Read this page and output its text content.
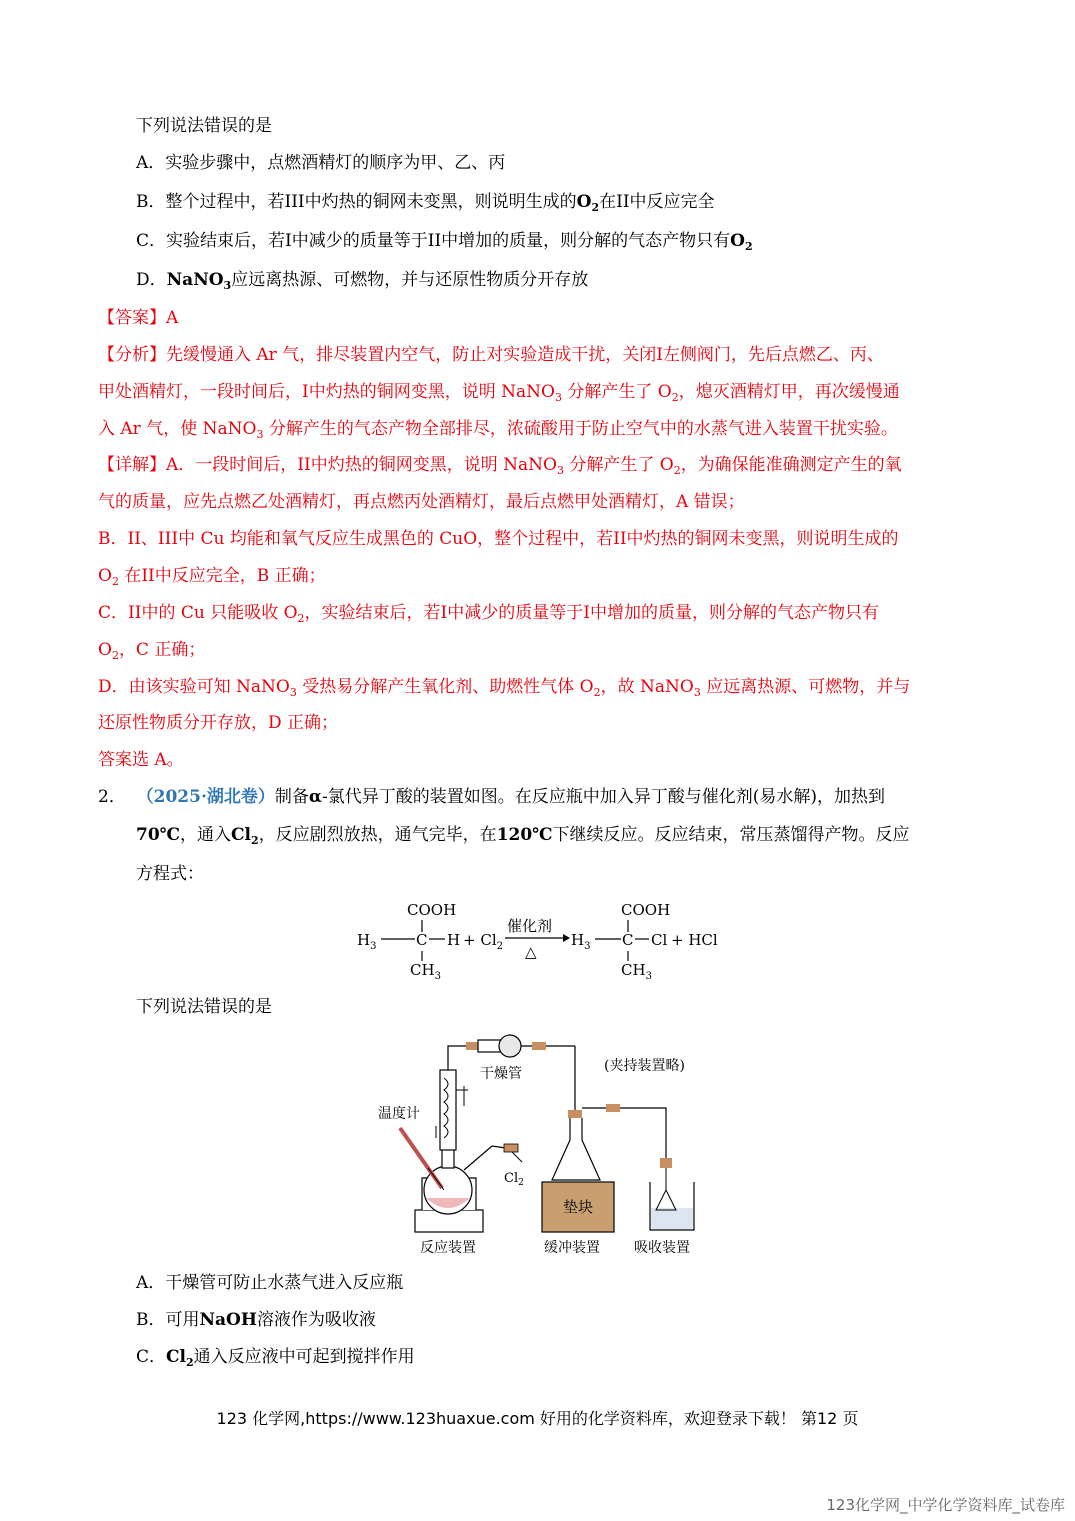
下列说法错误的是
A．实验步骤中，点燃酒精灯的顺序为甲、乙、丙
B．整个过程中，若III中灼热的铜网未变黑，则说明生成的$O_2$在II中反应完全
C．实验结束后，若I中减少的质量等于II中增加的质量，则分解的气态产物只有$O_2$
D．NaNO$_3$应远离热源、可燃物，并与还原性物质分开存放
【答案】A
【分析】先缓慢通入 Ar 气，排尽装置内空气，防止对实验造成干扰，关闭I左侧阀门，先后点燃乙、丙、
甲处酒精灯，一段时间后，I中灼热的铜网变黑，说明 NaNO$_3$ 分解产生了 $O_2$，熄灭酒精灯甲，再次缓慢通
入 Ar 气，使 NaNO$_3$ 分解产生的气态产物全部排尽，浓硫酸用于防止空气中的水蒸气进入装置干扰实验。
【详解】A．一段时间后，II中灼热的铜网变黑，说明 NaNO$_3$ 分解产生了 $O_2$，为确保能准确测定产生的氧
气的质量，应先点燃乙处酒精灯，再点燃丙处酒精灯，最后点燃甲处酒精灯，A 错误；
B．II、III中 Cu 均能和氧气反应生成黑色的 CuO，整个过程中，若II中灼热的铜网未变黑，则说明生成的
$O_2$ 在II中反应完全，B 正确；
C．II中的 Cu 只能吸收 $O_2$，实验结束后，若I中减少的质量等于I中增加的质量，则分解的气态产物只有
$O_2$，C 正确；
D．由该实验可知 NaNO$_3$ 受热易分解产生氧化剂、助燃性气体 $O_2$，故 NaNO$_3$ 应远离热源、可燃物，并与
还原性物质分开存放，D 正确；
答案选 A。
2． （2025·湖北卷）制备α-氯代异丁酸的装置如图。在反应瓶中加入异丁酸与催化剂(易水解)，加热到
70℃，通入$Cl_2$，反应剧烈放热，通气完毕，在120℃下继续反应。反应结束，常压蒸馏得产物。反应
方程式：
COOH
$H_3$	C $H + Cl_2$
$CH_3$
催化剂
△
$H_3$
COOH
C Cl + HCl
$CH_3$
下列说法错误的是
$Cl_2$
干燥管
温度计
垫块
(夹持装置略)
反应装置	缓冲装置 吸收装置
A．干燥管可防止水蒸气进入反应瓶
B．可用NaOH溶液作为吸收液
C．$Cl_2$通入反应液中可起到搅拌作用
123 化学网,https://www.123huaxue.com 好用的化学资料库，欢迎登录下载！ 第12 页
123化学网_中学化学资料库_试卷库
